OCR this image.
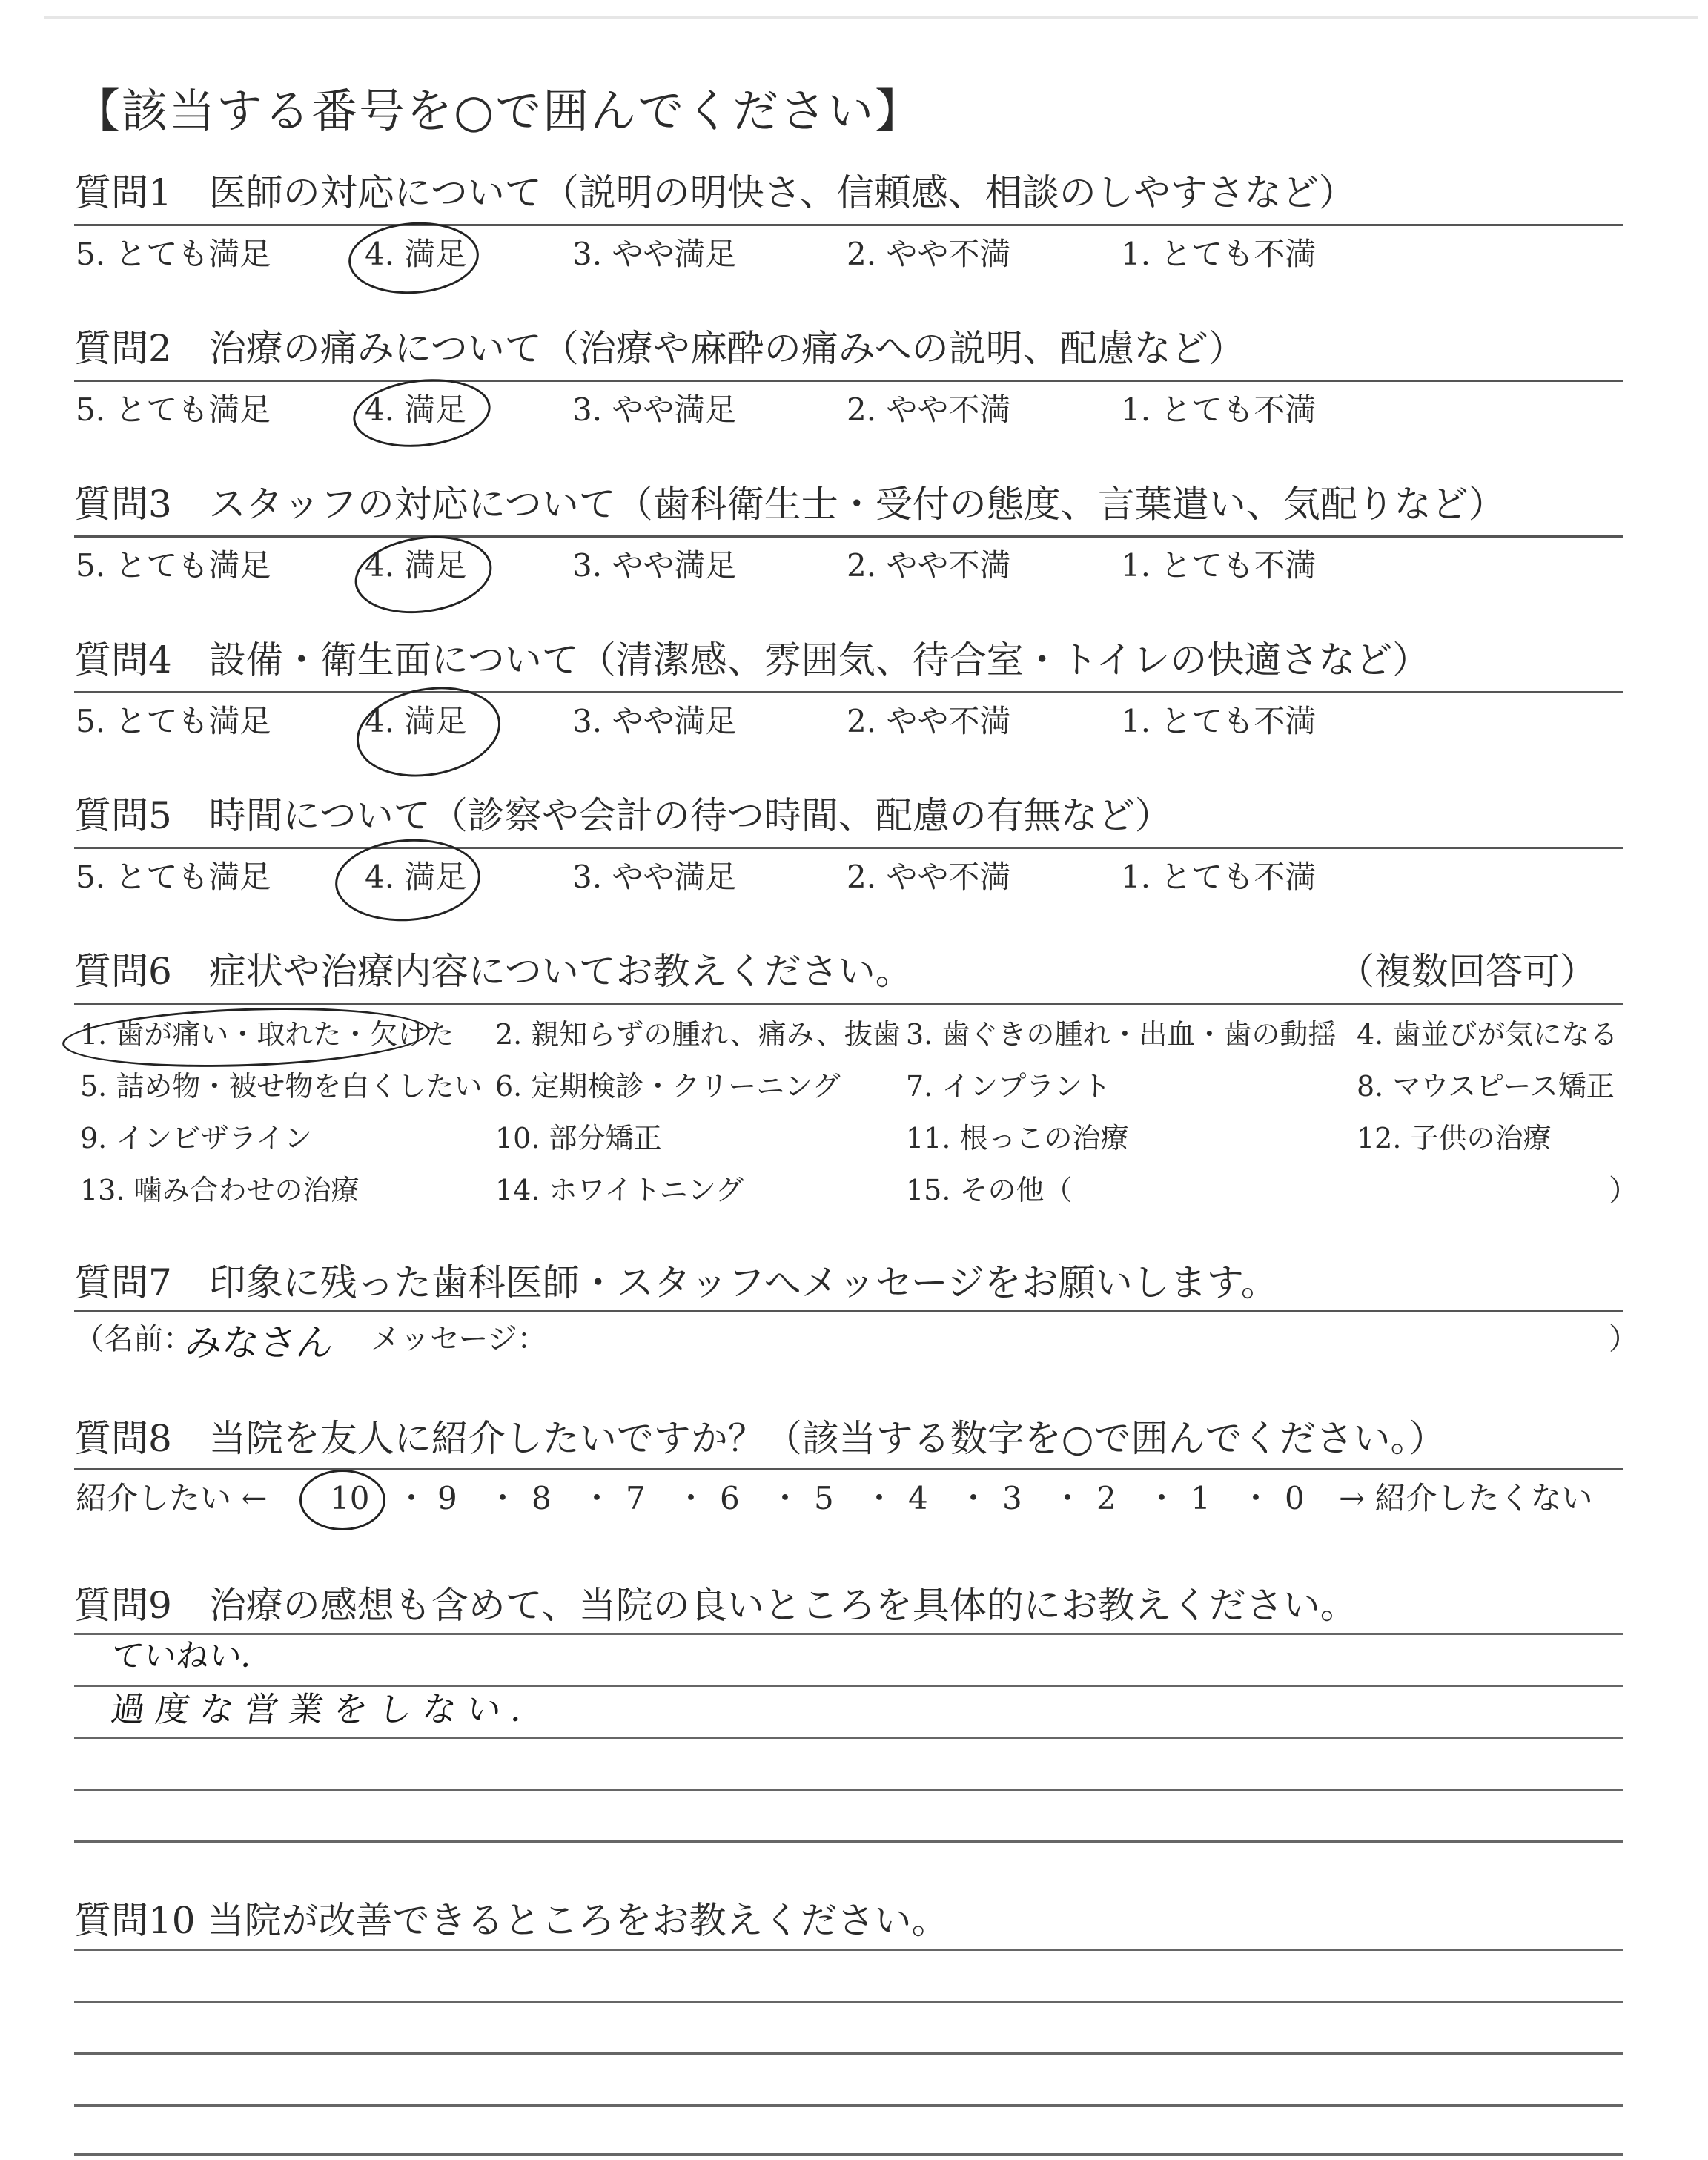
【該当する番号を○で囲んでください】
質問1　医師の対応について（説明の明快さ、信頼感、相談のしやすさなど）
5. とても満足	4. 満足	3. やや満足	2. やや不満	1. とても不満
質問2　治療の痛みについて（治療や麻酔の痛みへの説明、配慮など）
5. とても満足	4. 満足	3. やや満足	2. やや不満	1. とても不満
質問3　スタッフの対応について（歯科衛生士・受付の態度、言葉遣い、気配りなど）
5. とても満足	4. 満足	3. やや満足	2. やや不満	1. とても不満
質問4　設備・衛生面について（清潔感、雰囲気、待合室・トイレの快適さなど）
5. とても満足	4. 満足	3. やや満足	2. やや不満	1. とても不満
質問5　時間について（診察や会計の待つ時間、配慮の有無など）
5. とても満足	4. 満足	3. やや満足	2. やや不満	1. とても不満
質問6　症状や治療内容についてお教えください。	（複数回答可）
1. 歯が痛い・取れた・欠けた 2. 親知らずの腫れ、痛み、抜歯 3. 歯ぐきの腫れ・出血・歯の動揺 4. 歯並びが気になる
5. 詰め物・被せ物を白くしたい 6. 定期検診・クリーニング 7. インプラント	8. マウスピース矯正
9. インビザライン	10. 部分矯正	11. 根っこの治療	12. 子供の治療
13. 噛み合わせの治療	14. ホワイトニング	15. その他（	）
質問7　印象に残った歯科医師・スタッフへメッセージをお願いします。
（名前：
みなさん メッセージ：	）
質問8　当院を友人に紹介したいですか？（該当する数字を○で囲んでください。）
紹介したい ← 10 ・ 9 ・ 8 ・ 7 ・ 6 ・ 5 ・ 4 ・ 3 ・ 2 ・ 1 ・ 0 → 紹介したくない
質問9　治療の感想も含めて、当院の良いところを具体的にお教えください。
ていねい．
過度な営業をしない．
質問10 当院が改善できるところをお教えください。
